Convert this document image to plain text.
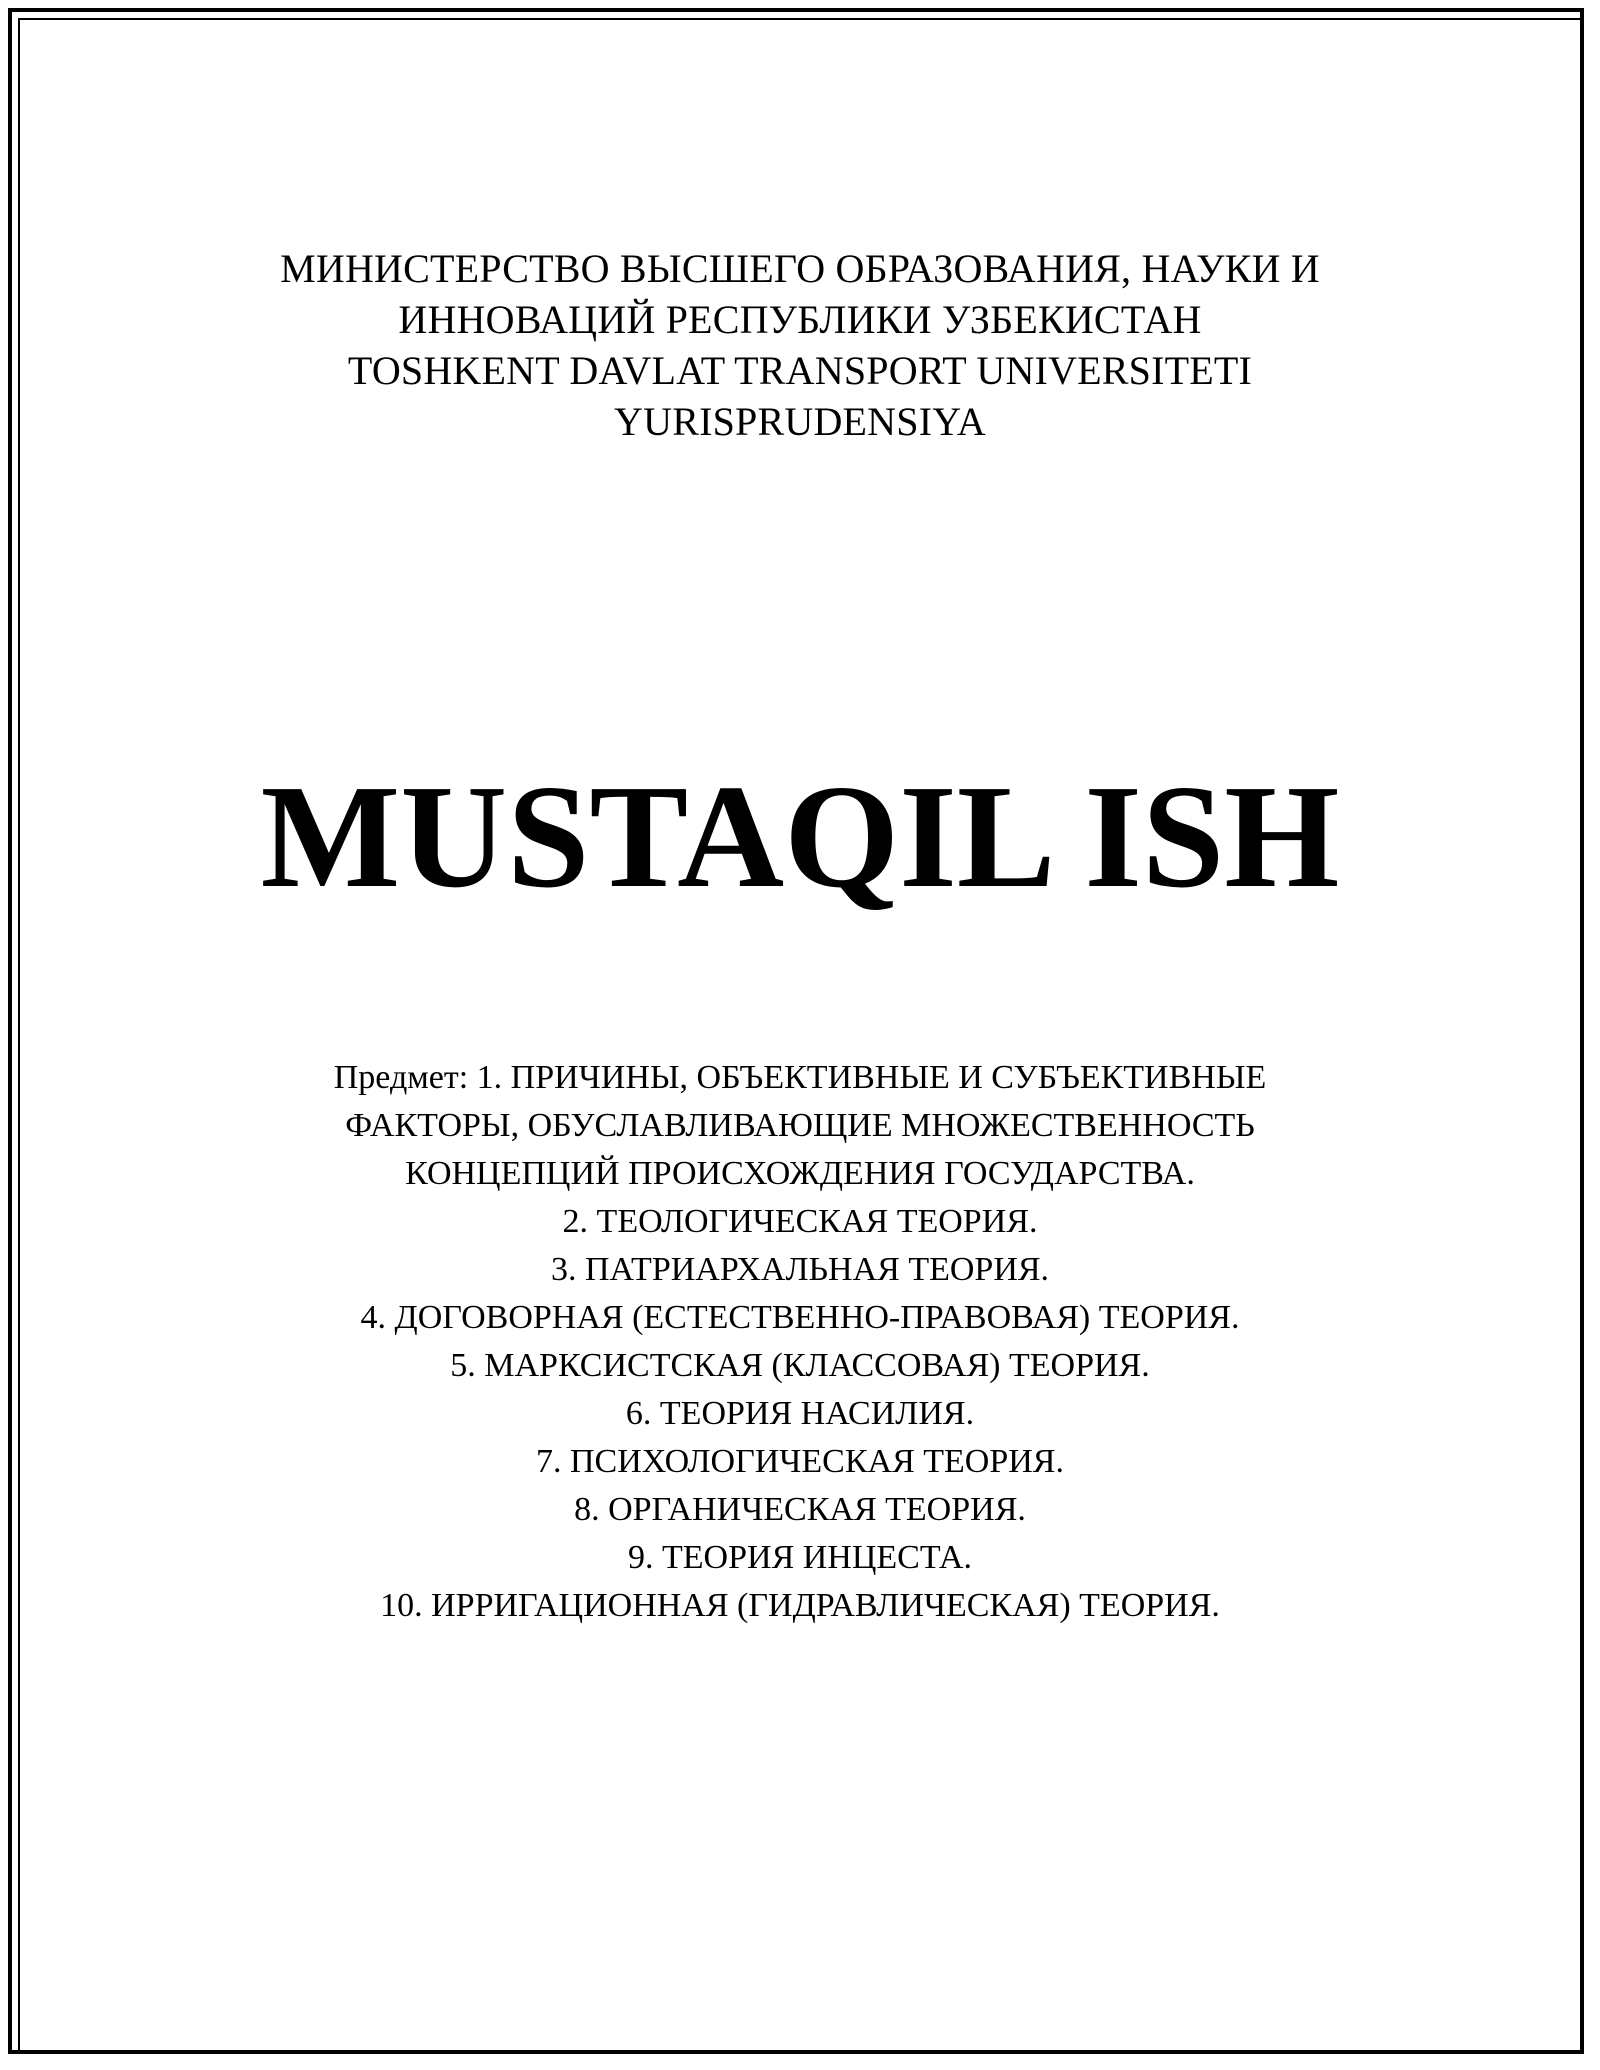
МИНИСТЕРСТВО ВЫСШЕГО ОБРАЗОВАНИЯ, НАУКИ И
ИННОВАЦИЙ РЕСПУБЛИКИ УЗБЕКИСТАН
TOSHKENT DAVLAT TRANSPORT UNIVERSITETI
YURISPRUDENSIYA
MUSTAQIL ISH
Предмет: 1. ПРИЧИНЫ, ОБЪЕКТИВНЫЕ И СУБЪЕКТИВНЫЕ
ФАКТОРЫ, ОБУСЛАВЛИВАЮЩИЕ МНОЖЕСТВЕННОСТЬ
КОНЦЕПЦИЙ ПРОИСХОЖДЕНИЯ ГОСУДАРСТВА.
2. ТЕОЛОГИЧЕСКАЯ ТЕОРИЯ.
3. ПАТРИАРХАЛЬНАЯ ТЕОРИЯ.
4. ДОГОВОРНАЯ (ЕСТЕСТВЕННО-ПРАВОВАЯ) ТЕОРИЯ.
5. МАРКСИСТСКАЯ (КЛАССОВАЯ) ТЕОРИЯ.
6. ТЕОРИЯ НАСИЛИЯ.
7. ПСИХОЛОГИЧЕСКАЯ ТЕОРИЯ.
8. ОРГАНИЧЕСКАЯ ТЕОРИЯ.
9. ТЕОРИЯ ИНЦЕСТА.
10. ИРРИГАЦИОННАЯ (ГИДРАВЛИЧЕСКАЯ) ТЕОРИЯ.
